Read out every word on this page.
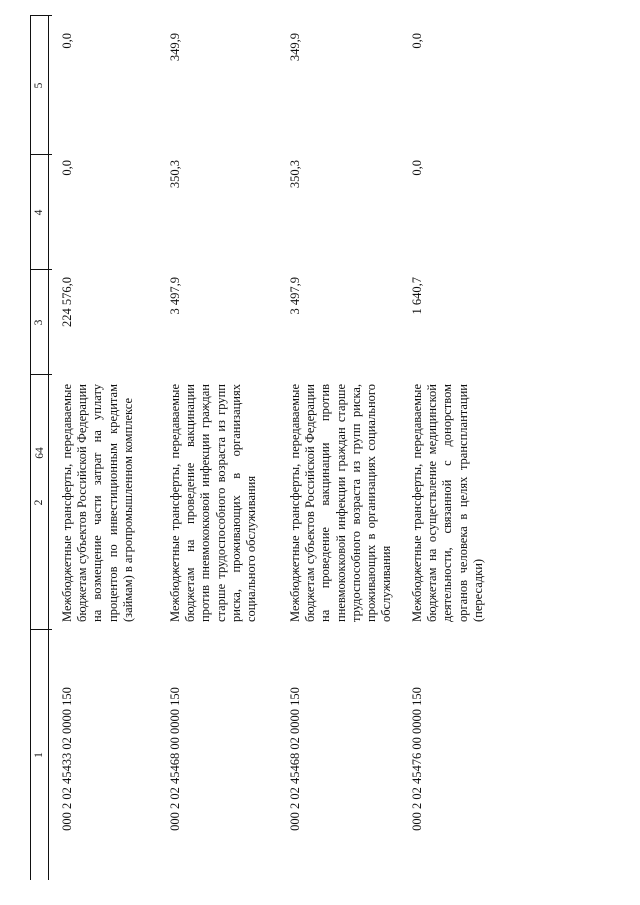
64
1
2
3
4
5
000 2 02 45433 02 0000 150
Межбюджетные трансферты, передаваемые бюджетам субъектов Российской Федерации на возмещение части затрат на уплату процентов по инвестиционным кредитам (займам) в агропромышленном комплексе
224 576,0
0,0
0,0
000 2 02 45468 00 0000 150
Межбюджетные трансферты, передаваемые бюджетам на проведение вакцинации против пневмококковой инфекции граждан старше трудоспособного возраста из групп риска, проживающих в организациях социального обслуживания
3 497,9
350,3
349,9
000 2 02 45468 02 0000 150
Межбюджетные трансферты, передаваемые бюджетам субъектов Российской Федерации на проведение вакцинации против пневмококковой инфекции граждан старше трудоспособного возраста из групп риска, проживающих в организациях социального обслуживания
3 497,9
350,3
349,9
000 2 02 45476 00 0000 150
Межбюджетные трансферты, передаваемые бюджетам на осуществление медицинской деятельности, связанной с донорством органов человека в целях трансплантации (пересадки)
1 640,7
0,0
0,0
